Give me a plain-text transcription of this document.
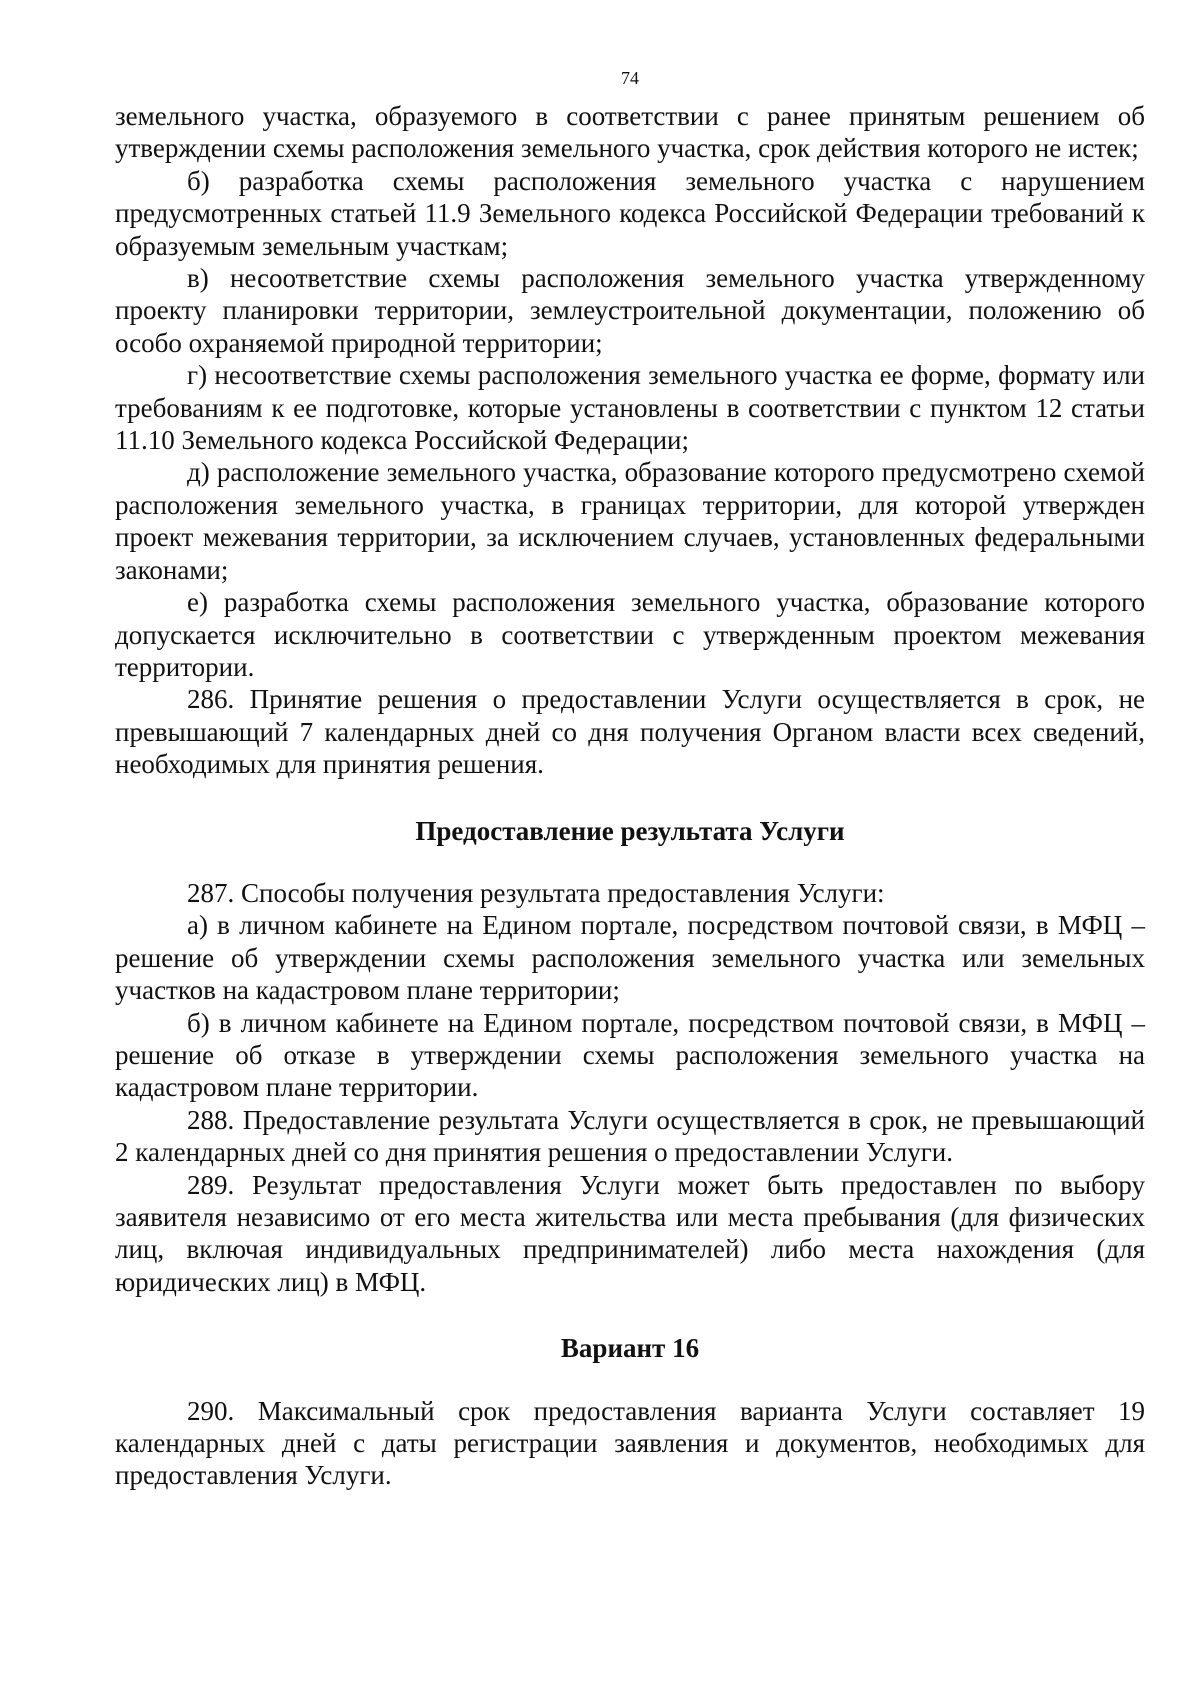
74

земельного участка, образуемого в соответствии с ранее принятым решением об утверждении схемы расположения земельного участка, срок действия которого не истек;

б) разработка схемы расположения земельного участка с нарушением предусмотренных статьей 11.9 Земельного кодекса Российской Федерации требований к образуемым земельным участкам;

в) несоответствие схемы расположения земельного участка утвержденному проекту планировки территории, землеустроительной документации, положению об особо охраняемой природной территории;

г) несоответствие схемы расположения земельного участка ее форме, формату или требованиям к ее подготовке, которые установлены в соответствии с пунктом 12 статьи 11.10 Земельного кодекса Российской Федерации;

д) расположение земельного участка, образование которого предусмотрено схемой расположения земельного участка, в границах территории, для которой утвержден проект межевания территории, за исключением случаев, установленных федеральными законами;

е) разработка схемы расположения земельного участка, образование которого допускается исключительно в соответствии с утвержденным проектом межевания территории.

286. Принятие решения о предоставлении Услуги осуществляется в срок, не превышающий 7 календарных дней со дня получения Органом власти всех сведений, необходимых для принятия решения.

Предоставление результата Услуги

287. Способы получения результата предоставления Услуги:

а) в личном кабинете на Едином портале, посредством почтовой связи, в МФЦ – решение об утверждении схемы расположения земельного участка или земельных участков на кадастровом плане территории;

б) в личном кабинете на Едином портале, посредством почтовой связи, в МФЦ – решение об отказе в утверждении схемы расположения земельного участка на кадастровом плане территории.

288. Предоставление результата Услуги осуществляется в срок, не превышающий 2 календарных дней со дня принятия решения о предоставлении Услуги.

289. Результат предоставления Услуги может быть предоставлен по выбору заявителя независимо от его места жительства или места пребывания (для физических лиц, включая индивидуальных предпринимателей) либо места нахождения (для юридических лиц) в МФЦ.

Вариант 16

290. Максимальный срок предоставления варианта Услуги составляет 19 календарных дней с даты регистрации заявления и документов, необходимых для предоставления Услуги.
